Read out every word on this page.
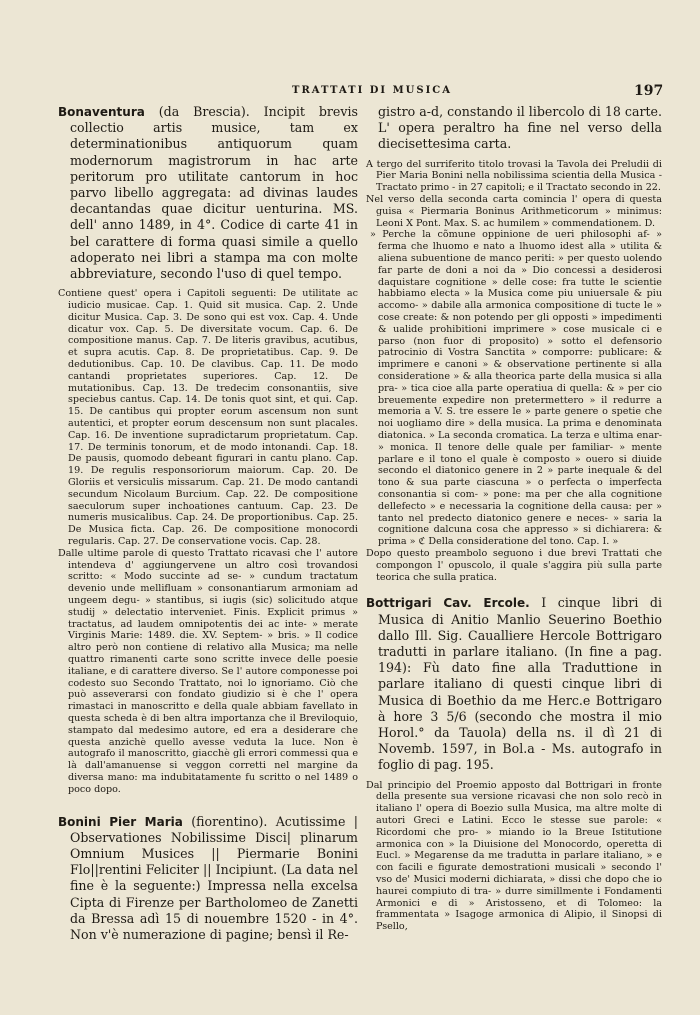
TRATTATI DI MUSICA	197

Bonaventura (da Brescia). Incipit brevis collectio artis musice, tam ex determinationibus antiquorum quam modernorum magistrorum in hac arte peritorum pro utilitate cantorum in hoc parvo libello aggregata: ad divinas laudes decantandas quae dicitur uenturina. MS. dell' anno 1489, in 4°. Codice di carte 41 in bel carattere di forma quasi simile a quello adoperato nei libri a stampa ma con molte abbreviature, secondo l'uso di quel tempo.

Contiene quest' opera i Capitoli seguenti: De utilitate ac iudicio musicae. Cap. 1. Quid sit musica. Cap. 2. Unde dicitur Musica. Cap. 3. De sono qui est vox. Cap. 4. Unde dicatur vox. Cap. 5. De diversitate vocum. Cap. 6. De compositione manus. Cap. 7. De literis gravibus, acutibus, et supra acutis. Cap. 8. De proprietatibus. Cap. 9. De dedutionibus. Cap. 10. De clavibus. Cap. 11. De modo cantandi proprietates superiores. Cap. 12. De mutationibus. Cap. 13. De tredecim consonantiis, sive speciebus cantus. Cap. 14. De tonis quot sint, et qui. Cap. 15. De cantibus qui propter eorum ascensum non sunt autentici, et propter eorum descensum non sunt placales. Cap. 16. De inventione supradictarum proprietatum. Cap. 17. De terminis tonorum, et de modo intonandi. Cap. 18. De pausis, quomodo debeant figurari in cantu plano. Cap. 19. De regulis responsoriorum maiorum. Cap. 20. De Gloriis et versiculis missarum. Cap. 21. De modo cantandi secundum Nicolaum Burcium. Cap. 22. De compositione saeculorum super inchoationes cantuum. Cap. 23. De numeris musicalibus. Cap. 24. De proportionibus. Cap. 25. De Musica ficta. Cap. 26. De compositione monocordi regularis. Cap. 27. De conservatione vocis. Cap. 28.

Dalle ultime parole di questo Trattato ricavasi che l' autore intendeva d' aggiungervene un altro così trovandosi scritto: « Modo succinte ad se- » cundum tractatum devenio unde mellifluam » consonantiarum armoniam ad ungeem degu- » stantibus, si iugis (sic) solicitudo atque studij » delectatio interveniet. Finis. Explicit primus » tractatus, ad laudem omnipotentis dei ac inte- » merate Virginis Marie: 1489. die. XV. Septem- » bris. » Il codice altro però non contiene di relativo alla Musica; ma nelle quattro rimanenti carte sono scritte invece delle poesie italiane, e di carattere diverso. Se l' autore componesse poi codesto suo Secondo Trattato, noi lo ignoriamo. Ciò che può asseverarsi con fondato giudizio si è che l' opera rimastaci in manoscritto e della quale abbiam favellato in questa scheda è di ben altra importanza che il Breviloquio, stampato dal medesimo autore, ed era a desiderare che questa anzichè quello avesse veduta la luce. Non è autografo il manoscritto, giacchè gli errori commessi qua e là dall'amanuense si veggon corretti nel margine da diversa mano: ma indubitatamente fu scritto o nel 1489 o poco dopo.

Bonini Pier Maria (fiorentino). Acutissime | Observationes Nobilissime Disci| plinarum Omnium Musices || Piermarie Bonini Flo||rentini Feliciter || Incipiunt. (La data nel fine è la seguente:) Impressa nella excelsa Cipta di Firenze per Bartholomeo de Zanetti da Bressa adì 15 di nouembre 1520 - in 4°. Non v'è numerazione di pagine; bensì il Re-

gistro a-d, constando il libercolo di 18 carte. L' opera peraltro ha fine nel verso della diecisettesima carta.

A tergo del surriferito titolo trovasi la Tavola dei Preludii di Pier Maria Bonini nella nobilissima scientia della Musica - Tractato primo - in 27 capitoli; e il Tractato secondo in 22.

Nel verso della seconda carta comincia l' opera di questa guisa « Piermaria Boninus Arithmeticorum » minimus: Leoni X Pont. Max. S. ac humilem » commendationem. D.

» Perche la cõmune oppinione de ueri philosophi af- » ferma che lhuomo e nato a lhuomo idest alla » utilita & aliena subuentione de manco periti: » per questo uolendo far parte de doni a noi da » Dio concessi a desiderosi daquistare cognitione » delle cose: fra tutte le scientie habbiamo electa » la Musica come piu uniuersale & piu accomo- » dabile alla armonica compositione di tucte le » cose create: & non potendo per gli opposti » impedimenti & ualide prohibitioni imprimere » cose musicale ci e parso (non fuor di proposito) » sotto el defensorio patrocinio di Vostra Sanctita » comporre: publicare: & imprimere e canoni » & observatione pertinente si alla consideratione » & alla theorica parte della musica si alla pra- » tica cioe alla parte operatiua di quella: & » per cio breuemente expedire non pretermettero » il redurre a memoria a V. S. tre essere le » parte genere o spetie che noi uogliamo dire » della musica. La prima e denominata diatonica. » La seconda cromatica. La terza e ultima enar- » monica. Il tenore delle quale per familiar- » mente parlare e il tono el quale è composto » ouero si diuide secondo el diatonico genere in 2 » parte inequale & del tono & sua parte ciascuna » o perfecta o imperfecta consonantia si com- » pone: ma per che alla cognitione dellefecto » e necessaria la cognitione della causa: per » tanto nel predecto diatonico genere e neces- » saria la cognitione dalcuna cosa che appresso » si dichiarera: & prima » ℭ Della consideratione del tono. Cap. I. »

Dopo questo preambolo seguono i due brevi Trattati che compongon l' opuscolo, il quale s'aggira più sulla parte teorica che sulla pratica.

Bottrigari Cav. Ercole. I cinque libri di Musica di Anitio Manlio Seuerino Boethio dallo Ill. Sig. Caualliere Hercole Bottrigaro tradutti in parlare italiano. (In fine a pag. 194): Fù dato fine alla Traduttione in parlare italiano di questi cinque libri di Musica di Boethio da me Herc.e Bottrigaro à hore 3 5/6 (secondo che mostra il mio Horol.° da Tauola) della ns. il dì 21 di Novemb. 1597, in Bol.a - Ms. autografo in foglio di pag. 195.

Dal principio del Proemio apposto dal Bottrigari in fronte della presente sua versione ricavasi che non solo recò in italiano l' opera di Boezio sulla Musica, ma altre molte di autori Greci e Latini. Ecco le stesse sue parole: « Ricordomi che pro- » miando io la Breue Istitutione armonica con » la Diuisione del Monocordo, operetta di Eucl. » Megarense da me tradutta in parlare italiano, » e con facili e figurate demostrationi musicali » secondo l' vso de' Musici moderni dichiarata, » dissi che dopo che io haurei compiuto di tra- » durre simillmente i Fondamenti Armonici e di » Aristosseno, et di Tolomeo: la frammentata » Isagoge armonica di Alipio, il Sinopsi di Psello,
